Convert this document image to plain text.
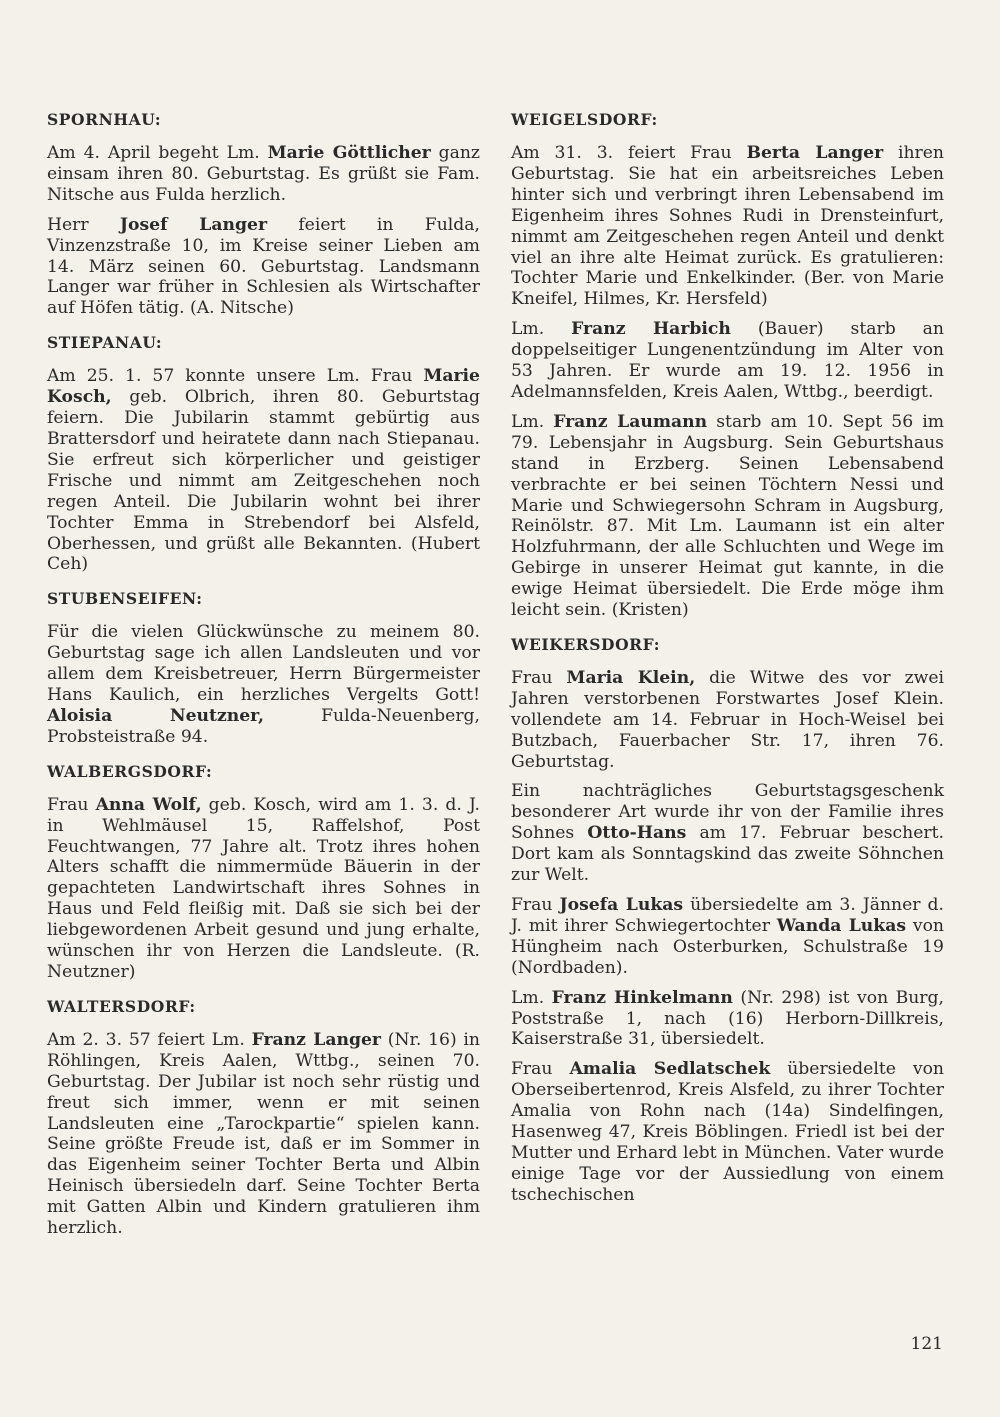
SPORNHAU:

Am 4. April begeht Lm. Marie Göttlicher ganz einsam ihren 80. Geburtstag. Es grüßt sie Fam. Nitsche aus Fulda herzlich.

Herr Josef Langer feiert in Fulda, Vinzenzstraße 10, im Kreise seiner Lieben am 14. März seinen 60. Geburtstag. Landsmann Langer war früher in Schlesien als Wirtschafter auf Höfen tätig. (A. Nitsche)

STIEPANAU:

Am 25. 1. 57 konnte unsere Lm. Frau Marie Kosch, geb. Olbrich, ihren 80. Geburtstag feiern. Die Jubilarin stammt gebürtig aus Brattersdorf und heiratete dann nach Stiepanau. Sie erfreut sich körperlicher und geistiger Frische und nimmt am Zeitgeschehen noch regen Anteil. Die Jubilarin wohnt bei ihrer Tochter Emma in Strebendorf bei Alsfeld, Oberhessen, und grüßt alle Bekannten. (Hubert Ceh)

STUBENSEIFEN:

Für die vielen Glückwünsche zu meinem 80. Geburtstag sage ich allen Landsleuten und vor allem dem Kreisbetreuer, Herrn Bürgermeister Hans Kaulich, ein herzliches Vergelts Gott! Aloisia Neutzner, Fulda-Neuenberg, Probsteistraße 94.

WALBERGSDORF:

Frau Anna Wolf, geb. Kosch, wird am 1. 3. d. J. in Wehlmäusel 15, Raffelshof, Post Feuchtwangen, 77 Jahre alt. Trotz ihres hohen Alters schafft die nimmermüde Bäuerin in der gepachteten Landwirtschaft ihres Sohnes in Haus und Feld fleißig mit. Daß sie sich bei der liebgewordenen Arbeit gesund und jung erhalte, wünschen ihr von Herzen die Landsleute. (R. Neutzner)

WALTERSDORF:

Am 2. 3. 57 feiert Lm. Franz Langer (Nr. 16) in Röhlingen, Kreis Aalen, Wttbg., seinen 70. Geburtstag. Der Jubilar ist noch sehr rüstig und freut sich immer, wenn er mit seinen Landsleuten eine „Tarockpartie“ spielen kann. Seine größte Freude ist, daß er im Sommer in das Eigenheim seiner Tochter Berta und Albin Heinisch übersiedeln darf. Seine Tochter Berta mit Gatten Albin und Kindern gratulieren ihm herzlich.

WEIGELSDORF:

Am 31. 3. feiert Frau Berta Langer ihren Geburtstag. Sie hat ein arbeitsreiches Leben hinter sich und verbringt ihren Lebensabend im Eigenheim ihres Sohnes Rudi in Drensteinfurt, nimmt am Zeitgeschehen regen Anteil und denkt viel an ihre alte Heimat zurück. Es gratulieren: Tochter Marie und Enkelkinder. (Ber. von Marie Kneifel, Hilmes, Kr. Hersfeld)

Lm. Franz Harbich (Bauer) starb an doppelseitiger Lungenentzündung im Alter von 53 Jahren. Er wurde am 19. 12. 1956 in Adelmannsfelden, Kreis Aalen, Wttbg., beerdigt.

Lm. Franz Laumann starb am 10. Sept 56 im 79. Lebensjahr in Augsburg. Sein Geburtshaus stand in Erzberg. Seinen Lebensabend verbrachte er bei seinen Töchtern Nessi und Marie und Schwiegersohn Schram in Augsburg, Reinölstr. 87. Mit Lm. Laumann ist ein alter Holzfuhrmann, der alle Schluchten und Wege im Gebirge in unserer Heimat gut kannte, in die ewige Heimat übersiedelt. Die Erde möge ihm leicht sein. (Kristen)

WEIKERSDORF:

Frau Maria Klein, die Witwe des vor zwei Jahren verstorbenen Forstwartes Josef Klein. vollendete am 14. Februar in Hoch-Weisel bei Butzbach, Fauerbacher Str. 17, ihren 76. Geburtstag.

Ein nachträgliches Geburtstagsgeschenk besonderer Art wurde ihr von der Familie ihres Sohnes Otto-Hans am 17. Februar beschert. Dort kam als Sonntagskind das zweite Söhnchen zur Welt.

Frau Josefa Lukas übersiedelte am 3. Jänner d. J. mit ihrer Schwiegertochter Wanda Lukas von Hüngheim nach Osterburken, Schulstraße 19 (Nordbaden).

Lm. Franz Hinkelmann (Nr. 298) ist von Burg, Poststraße 1, nach (16) Herborn-Dillkreis, Kaiserstraße 31, übersiedelt.

Frau Amalia Sedlatschek übersiedelte von Oberseibertenrod, Kreis Alsfeld, zu ihrer Tochter Amalia von Rohn nach (14a) Sindelfingen, Hasenweg 47, Kreis Böblingen. Friedl ist bei der Mutter und Erhard lebt in München. Vater wurde einige Tage vor der Aussiedlung von einem tschechischen

121
